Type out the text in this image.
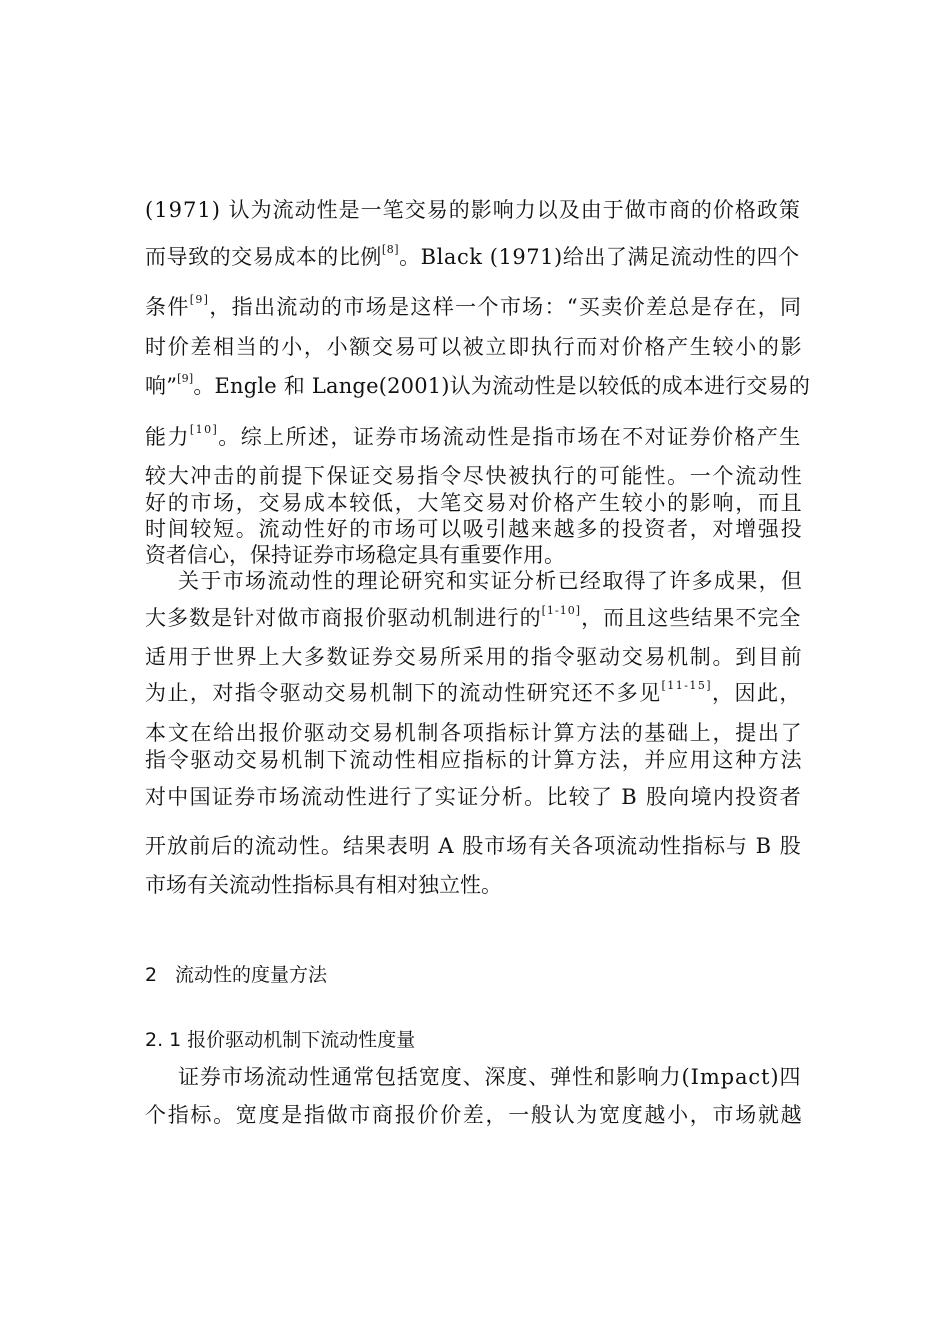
(1971) 认为流动性是一笔交易的影响力以及由于做市商的价格政策
而导致的交易成本的比例[8]。Black (1971)给出了满足流动性的四个
条件[9]，指出流动的市场是这样一个市场：“买卖价差总是存在，同
时价差相当的小，小额交易可以被立即执行而对价格产生较小的影
响”[9]。Engle 和 Lange(2001)认为流动性是以较低的成本进行交易的
能力[10]。综上所述，证券市场流动性是指市场在不对证券价格产生
较大冲击的前提下保证交易指令尽快被执行的可能性。一个流动性
好的市场，交易成本较低，大笔交易对价格产生较小的影响，而且
时间较短。流动性好的市场可以吸引越来越多的投资者，对增强投
资者信心，保持证券市场稳定具有重要作用。
关于市场流动性的理论研究和实证分析已经取得了许多成果，但
大多数是针对做市商报价驱动机制进行的[1-10]，而且这些结果不完全
适用于世界上大多数证券交易所采用的指令驱动交易机制。到目前
为止，对指令驱动交易机制下的流动性研究还不多见[11-15]，因此，
本文在给出报价驱动交易机制各项指标计算方法的基础上，提出了
指令驱动交易机制下流动性相应指标的计算方法，并应用这种方法
对中国证券市场流动性进行了实证分析。比较了 B 股向境内投资者
开放前后的流动性。结果表明 A 股市场有关各项流动性指标与 B 股
市场有关流动性指标具有相对独立性。
2 流动性的度量方法
2. 1 报价驱动机制下流动性度量
证券市场流动性通常包括宽度、深度、弹性和影响力(Impact)四
个指标。宽度是指做市商报价价差，一般认为宽度越小，市场就越
